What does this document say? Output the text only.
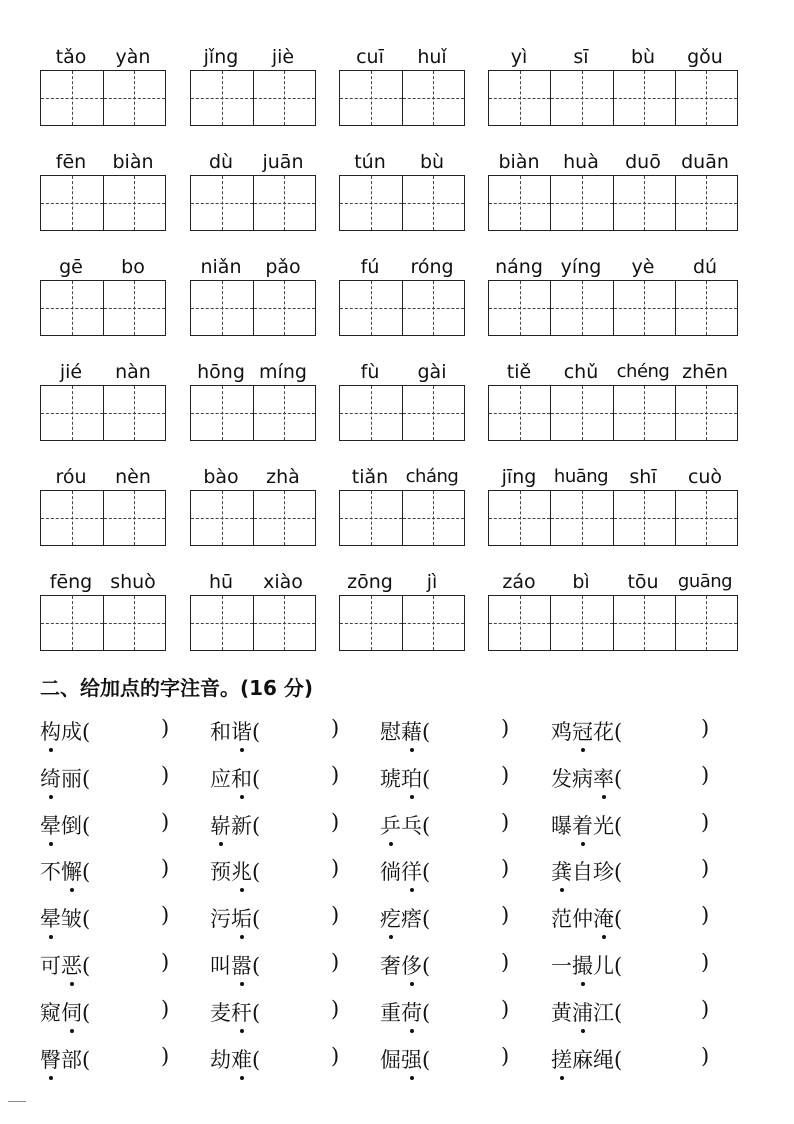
tǎo	yàn	jǐng	jiè	cuī	huǐ	yì	sī	bù	gǒu
fēn	biàn	dù	juān	tún	bù	biàn	huà	duō	duān
gē	bo	niǎn	pǎo	fú	róng	náng yíng	yè	dú
jié	nàn	hōng míng	fù	gài	tiě	chǔ	chéng zhēn
róu	nèn	bào	zhà	tiǎn cháng	jīng huāng	shī	cuò
fēng shuò	hū	xiào	zōng	jì	záo	bì	tōu	guāng
二、给加点的字注音。(16 分)
构成(	) 和谐(	) 慰藉(	) 鸡冠花(	)
绮丽(	) 应和(	) 琥珀(	) 发病率(	)
晕倒(	) 崭新(	) 乒乓(	) 曝着光(	)
不懈(	) 预兆(	) 徜徉(	) 龚自珍(	)
晕皱(	) 污垢(	) 疙瘩(	) 范仲淹(	)
可恶(	) 叫嚣(	) 奢侈(	) 一撮儿(	)
窥伺(	) 麦秆(	) 重荷(	) 黄浦江(	)
臀部(	) 劫难(	) 倔强(	) 搓麻绳(	)
